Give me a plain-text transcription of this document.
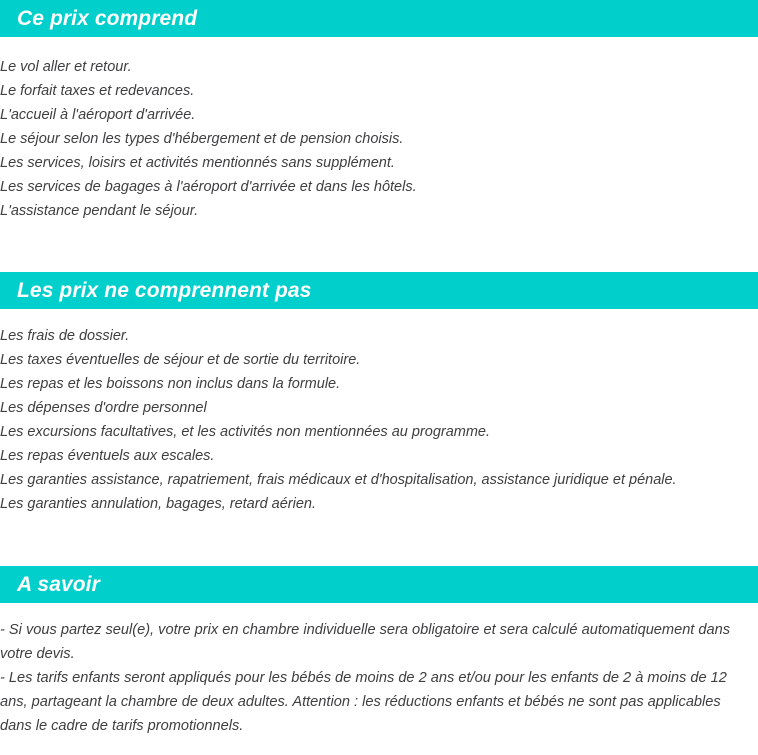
Ce prix comprend
Le vol aller et retour.
Le forfait taxes et redevances.
L'accueil à l'aéroport d'arrivée.
Le séjour selon les types d'hébergement et de pension choisis.
Les services, loisirs et activités mentionnés sans supplément.
Les services de bagages à l'aéroport d'arrivée et dans les hôtels.
L'assistance pendant le séjour.
Les prix ne comprennent pas
Les frais de dossier.
Les taxes éventuelles de séjour et de sortie du territoire.
Les repas et les boissons non inclus dans la formule.
Les dépenses d'ordre personnel
Les excursions facultatives, et les activités non mentionnées au programme.
Les repas éventuels aux escales.
Les garanties assistance, rapatriement, frais médicaux et d'hospitalisation, assistance juridique et pénale.
Les garanties annulation, bagages, retard aérien.
A savoir

- Si vous partez seul(e), votre prix en chambre individuelle sera obligatoire et sera calculé automatiquement dans votre devis.

- Les tarifs enfants seront appliqués pour les bébés de moins de 2 ans et/ou pour les enfants de 2 à moins de 12 ans, partageant la chambre de deux adultes. Attention : les réductions enfants et bébés ne sont pas applicables dans le cadre de tarifs promotionnels.
